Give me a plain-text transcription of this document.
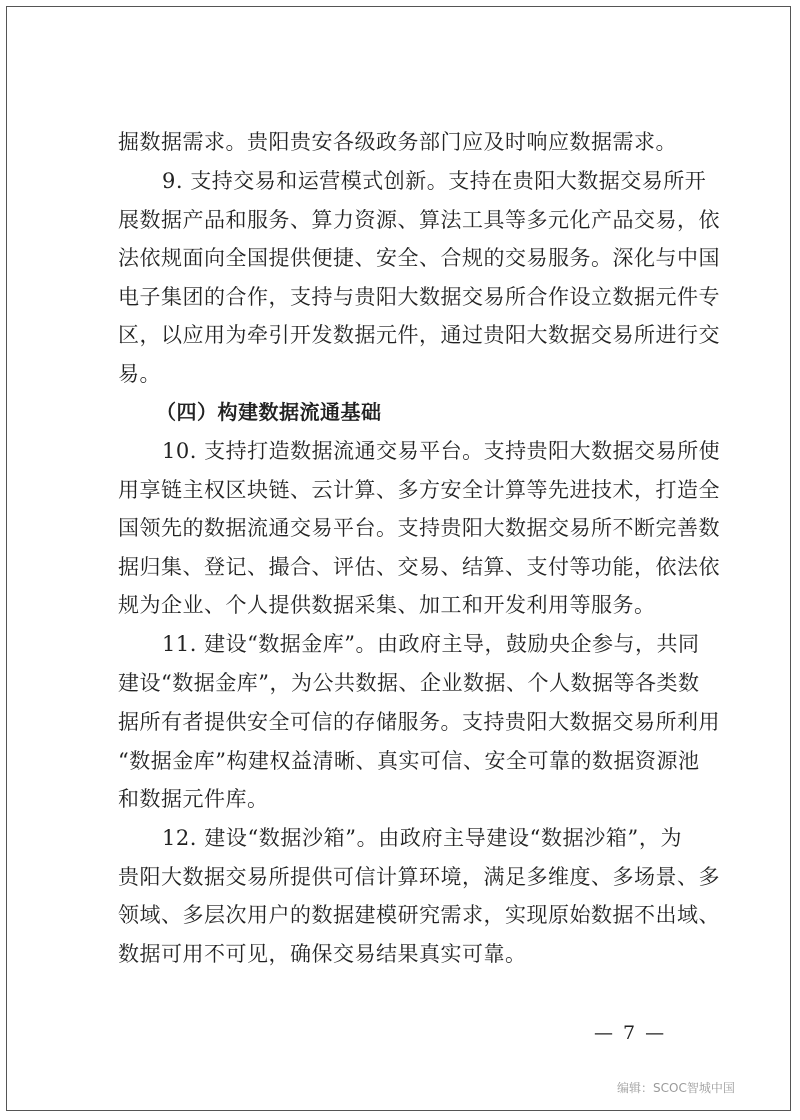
掘数据需求。贵阳贵安各级政务部门应及时响应数据需求。
9. 支持交易和运营模式创新。支持在贵阳大数据交易所开
展数据产品和服务、算力资源、算法工具等多元化产品交易，依
法依规面向全国提供便捷、安全、合规的交易服务。深化与中国
电子集团的合作，支持与贵阳大数据交易所合作设立数据元件专
区，以应用为牵引开发数据元件，通过贵阳大数据交易所进行交
易。
（四）构建数据流通基础
10. 支持打造数据流通交易平台。支持贵阳大数据交易所使
用享链主权区块链、云计算、多方安全计算等先进技术，打造全
国领先的数据流通交易平台。支持贵阳大数据交易所不断完善数
据归集、登记、撮合、评估、交易、结算、支付等功能，依法依
规为企业、个人提供数据采集、加工和开发利用等服务。
11. 建设“数据金库”。由政府主导，鼓励央企参与，共同
建设“数据金库”，为公共数据、企业数据、个人数据等各类数
据所有者提供安全可信的存储服务。支持贵阳大数据交易所利用
“数据金库”构建权益清晰、真实可信、安全可靠的数据资源池
和数据元件库。
12. 建设“数据沙箱”。由政府主导建设“数据沙箱”，为
贵阳大数据交易所提供可信计算环境，满足多维度、多场景、多
领域、多层次用户的数据建模研究需求，实现原始数据不出域、
数据可用不可见，确保交易结果真实可靠。
— 7 —
编辑：SCOC智城中国
